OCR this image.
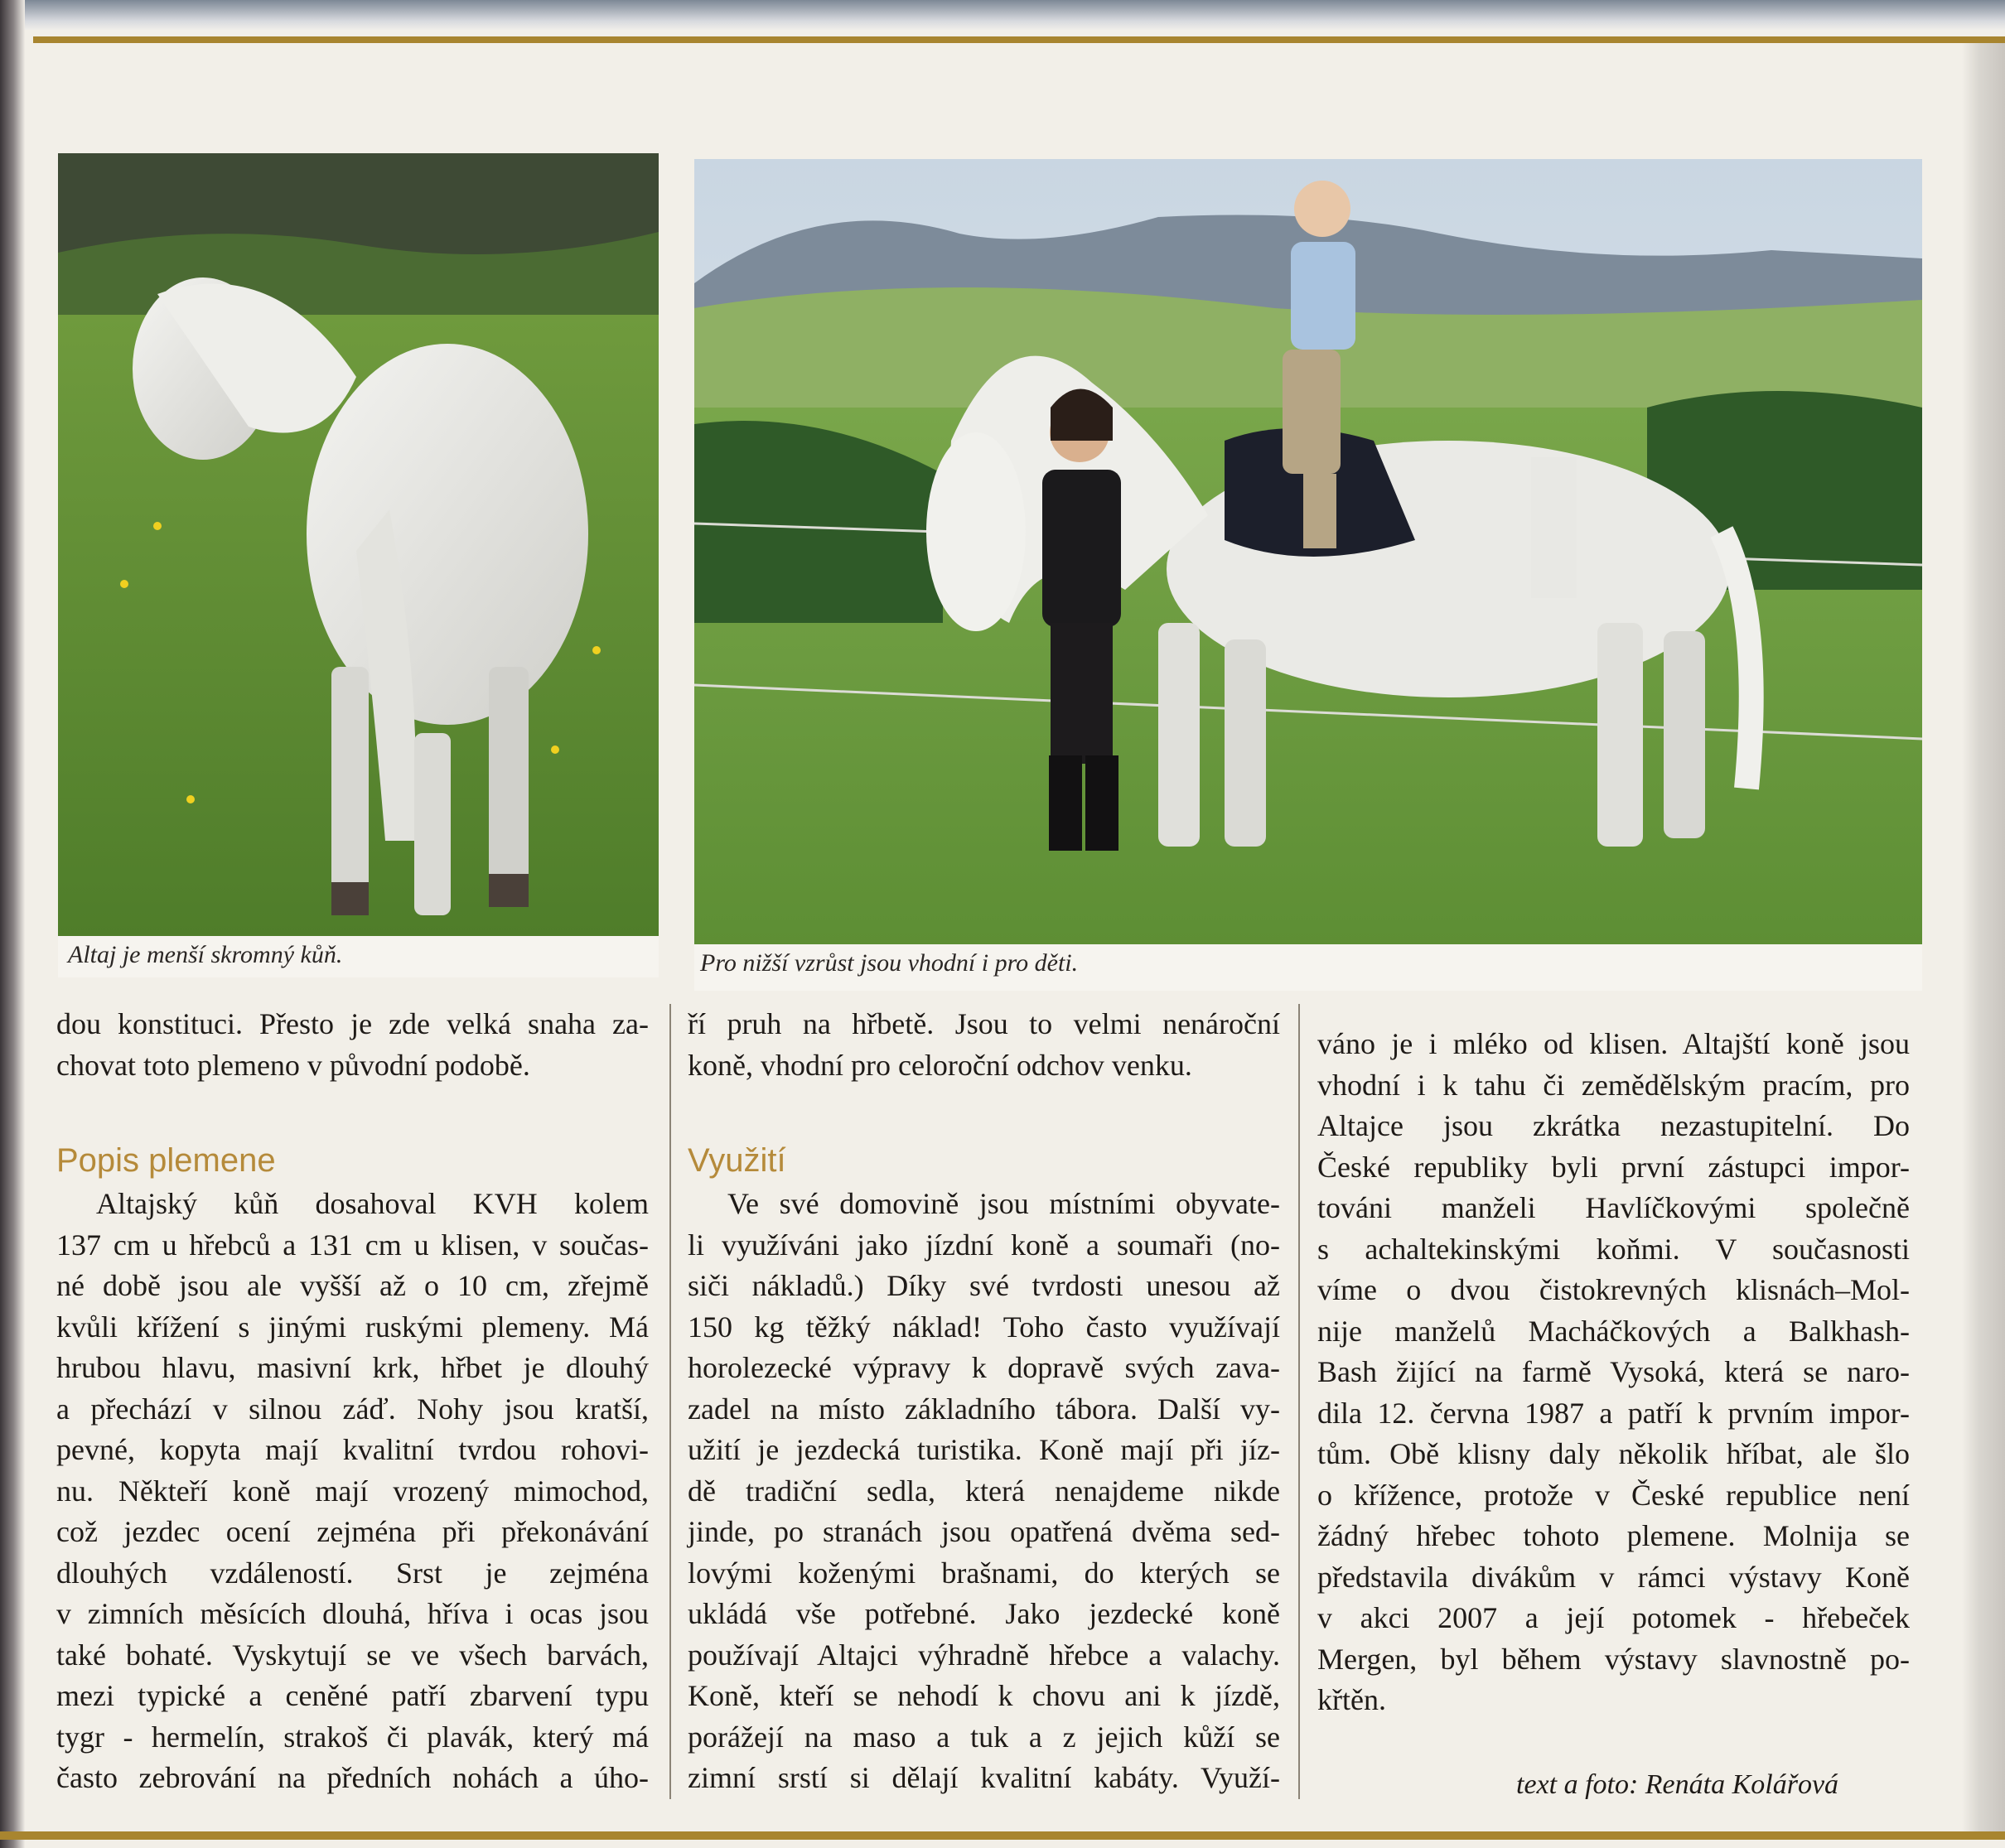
Altaj je menší skromný kůň.	Pro nižší vzrůst jsou vhodní i pro děti.

dou konstituci. Přesto je zde velká snaha za-

chovat toto plemeno v původní podobě.

Popis plemene

Altajský kůň dosahoval KVH kolem

137 cm u hřebců a 131 cm u klisen, v součas-

né době jsou ale vyšší až o 10 cm, zřejmě

kvůli křížení s jinými ruskými plemeny. Má

hrubou hlavu, masivní krk, hřbet je dlouhý

a přechází v silnou záď. Nohy jsou kratší,

pevné, kopyta mají kvalitní tvrdou rohovi-

nu. Někteří koně mají vrozený mimochod,

což jezdec ocení zejména při překonávání

dlouhých vzdáleností. Srst je zejména

v zimních měsících dlouhá, hříva i ocas jsou

také bohaté. Vyskytují se ve všech barvách,

mezi typické a ceněné patří zbarvení typu

tygr - hermelín, strakoš či plavák, který má

často zebrování na předních nohách a úho-

ří pruh na hřbetě. Jsou to velmi nenároční

koně, vhodní pro celoroční odchov venku.

Využití

Ve své domovině jsou místními obyvate-

li využíváni jako jízdní koně a soumaři (no-

siči nákladů.) Díky své tvrdosti unesou až

150 kg těžký náklad! Toho často využívají

horolezecké výpravy k dopravě svých zava-

zadel na místo základního tábora. Další vy-

užití je jezdecká turistika. Koně mají při jíz-

dě tradiční sedla, která nenajdeme nikde

jinde, po stranách jsou opatřená dvěma sed-

lovými koženými brašnami, do kterých se

ukládá vše potřebné. Jako jezdecké koně

používají Altajci výhradně hřebce a valachy.

Koně, kteří se nehodí k chovu ani k jízdě,

porážejí na maso a tuk a z jejich kůží se

zimní srstí si dělají kvalitní kabáty. Využí-

váno je i mléko od klisen. Altajští koně jsou

vhodní i k tahu či zemědělským pracím, pro

Altajce jsou zkrátka nezastupitelní. Do

České republiky byli první zástupci impor-

továni manželi Havlíčkovými společně

s achaltekinskými koňmi. V současnosti

víme o dvou čistokrevných klisnách–Mol-

nije manželů Macháčkových a Balkhash-

Bash žijící na farmě Vysoká, která se naro-

dila 12. června 1987 a patří k prvním impor-

tům. Obě klisny daly několik hříbat, ale šlo

o křížence, protože v České republice není

žádný hřebec tohoto plemene. Molnija se

představila divákům v rámci výstavy Koně

v akci 2007 a její potomek - hřebeček

Mergen, byl během výstavy slavnostně po-

křtěn.

text a foto: Renáta Kolářová
